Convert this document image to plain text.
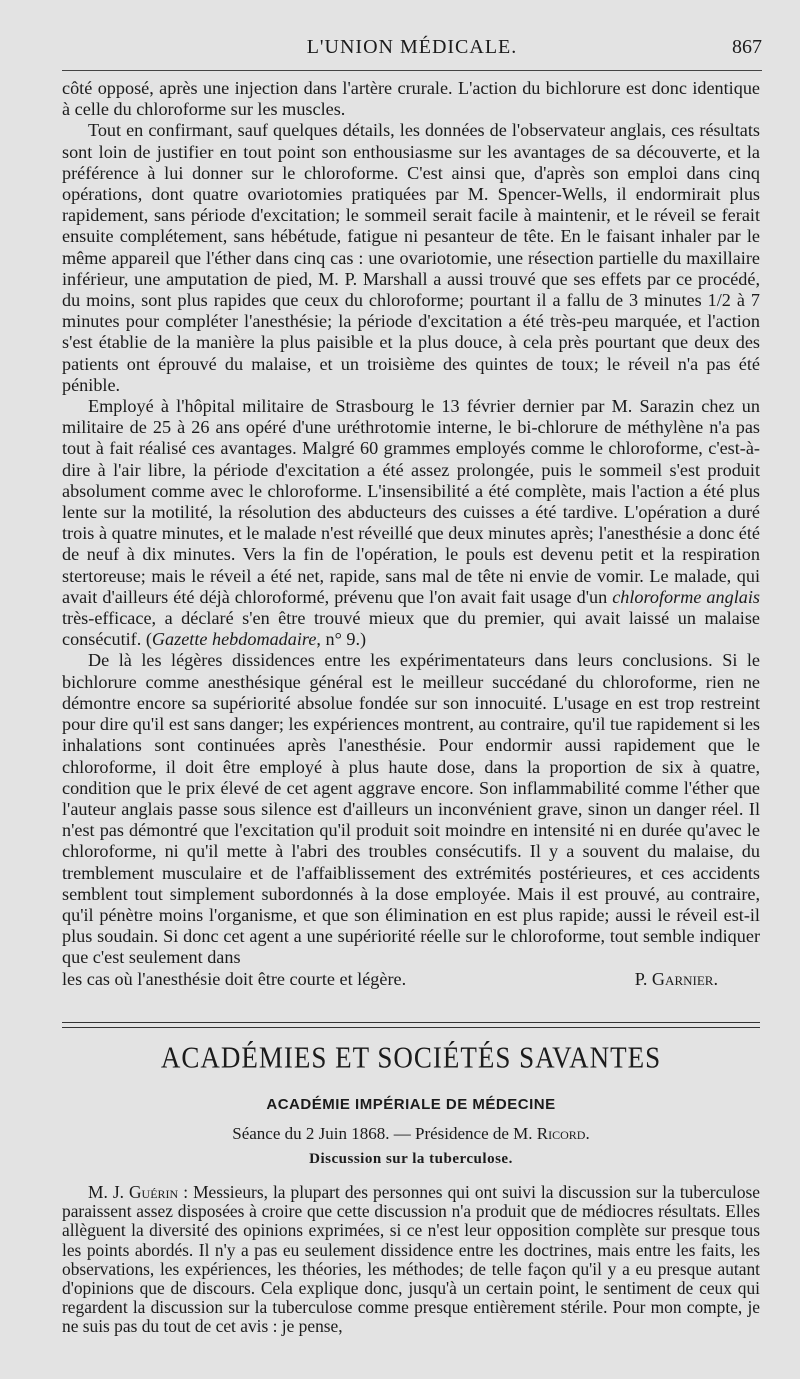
L'UNION MÉDICALE.	867

côté opposé, après une injection dans l'artère crurale. L'action du bichlorure est donc identique à celle du chloroforme sur les muscles.

Tout en confirmant, sauf quelques détails, les données de l'observateur anglais, ces résultats sont loin de justifier en tout point son enthousiasme sur les avantages de sa découverte, et la préférence à lui donner sur le chloroforme. C'est ainsi que, d'après son emploi dans cinq opérations, dont quatre ovariotomies pratiquées par M. Spencer-Wells, il endormirait plus rapidement, sans période d'excitation; le sommeil serait facile à maintenir, et le réveil se ferait ensuite complétement, sans hébétude, fatigue ni pesanteur de tête. En le faisant inhaler par le même appareil que l'éther dans cinq cas : une ovariotomie, une résection partielle du maxillaire inférieur, une amputation de pied, M. P. Marshall a aussi trouvé que ses effets par ce procédé, du moins, sont plus rapides que ceux du chloroforme; pourtant il a fallu de 3 minutes 1/2 à 7 minutes pour compléter l'anesthésie; la période d'excitation a été très-peu marquée, et l'action s'est établie de la manière la plus paisible et la plus douce, à cela près pourtant que deux des patients ont éprouvé du malaise, et un troisième des quintes de toux; le réveil n'a pas été pénible.

Employé à l'hôpital militaire de Strasbourg le 13 février dernier par M. Sarazin chez un militaire de 25 à 26 ans opéré d'une uréthrotomie interne, le bi-chlorure de méthylène n'a pas tout à fait réalisé ces avantages. Malgré 60 grammes employés comme le chloroforme, c'est-à-dire à l'air libre, la période d'excitation a été assez prolongée, puis le sommeil s'est produit absolument comme avec le chloroforme. L'insensibilité a été complète, mais l'action a été plus lente sur la motilité, la résolution des abducteurs des cuisses a été tardive. L'opération a duré trois à quatre minutes, et le malade n'est réveillé que deux minutes après; l'anesthésie a donc été de neuf à dix minutes. Vers la fin de l'opération, le pouls est devenu petit et la respiration stertoreuse; mais le réveil a été net, rapide, sans mal de tête ni envie de vomir. Le malade, qui avait d'ailleurs été déjà chloroformé, prévenu que l'on avait fait usage d'un chloroforme anglais très-efficace, a déclaré s'en être trouvé mieux que du premier, qui avait laissé un malaise consécutif. (Gazette hebdomadaire, n° 9.)

De là les légères dissidences entre les expérimentateurs dans leurs conclusions. Si le bichlorure comme anesthésique général est le meilleur succédané du chloroforme, rien ne démontre encore sa supériorité absolue fondée sur son innocuité. L'usage en est trop restreint pour dire qu'il est sans danger; les expériences montrent, au contraire, qu'il tue rapidement si les inhalations sont continuées après l'anesthésie. Pour endormir aussi rapidement que le chloroforme, il doit être employé à plus haute dose, dans la proportion de six à quatre, condition que le prix élevé de cet agent aggrave encore. Son inflammabilité comme l'éther que l'auteur anglais passe sous silence est d'ailleurs un inconvénient grave, sinon un danger réel. Il n'est pas démontré que l'excitation qu'il produit soit moindre en intensité ni en durée qu'avec le chloroforme, ni qu'il mette à l'abri des troubles consécutifs. Il y a souvent du malaise, du tremblement musculaire et de l'affaiblissement des extrémités postérieures, et ces accidents semblent tout simplement subordonnés à la dose employée. Mais il est prouvé, au contraire, qu'il pénètre moins l'organisme, et que son élimination en est plus rapide; aussi le réveil est-il plus soudain. Si donc cet agent a une supériorité réelle sur le chloroforme, tout semble indiquer que c'est seulement dans

les cas où l'anesthésie doit être courte et légère.	P. Garnier.

ACADÉMIES ET SOCIÉTÉS SAVANTES
ACADÉMIE IMPÉRIALE DE MÉDECINE
Séance du 2 Juin 1868. — Présidence de M. Ricord.
Discussion sur la tuberculose.

M. J. Guérin : Messieurs, la plupart des personnes qui ont suivi la discussion sur la tuberculose paraissent assez disposées à croire que cette discussion n'a produit que de médiocres résultats. Elles allèguent la diversité des opinions exprimées, si ce n'est leur opposition complète sur presque tous les points abordés. Il n'y a pas eu seulement dissidence entre les doctrines, mais entre les faits, les observations, les expériences, les théories, les méthodes; de telle façon qu'il y a eu presque autant d'opinions que de discours. Cela explique donc, jusqu'à un certain point, le sentiment de ceux qui regardent la discussion sur la tuberculose comme presque entièrement stérile. Pour mon compte, je ne suis pas du tout de cet avis : je pense,
